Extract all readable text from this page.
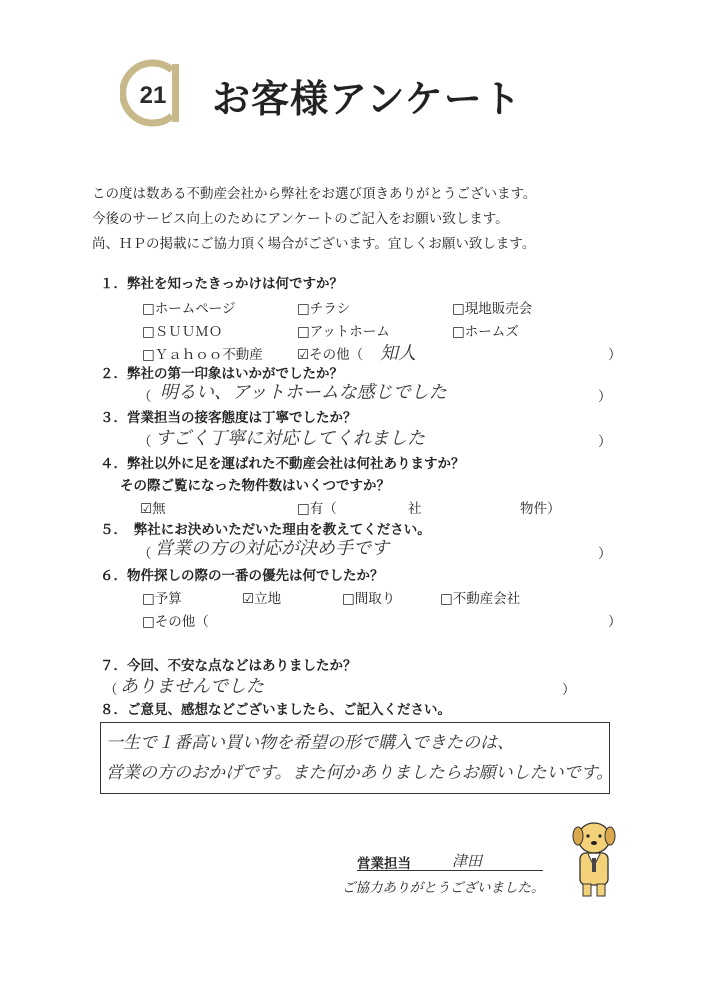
21 お客様アンケート
この度は数ある不動産会社から弊社をお選び頂きありがとうございます。
今後のサービス向上のためにアンケートのご記入をお願い致します。
尚、ＨＰの掲載にご協力頂く場合がございます。宜しくお願い致します。
１．弊社を知ったきっかけは何ですか？
□ホームページ	□チラシ	□現地販売会
□ＳＵＵＭＯ	□アットホーム	□ホームズ
□Ｙａｈｏｏ不動産	☑その他（ 知人	）
２．弊社の第一印象はいかがでしたか？
（ 明るい、アットホームな感じでした	）
３．営業担当の接客態度は丁寧でしたか？
（ すごく丁寧に対応してくれました	）
４．弊社以外に足を運ばれた不動産会社は何社ありますか？
その際ご覧になった物件数はいくつですか？
☑無	□有（	社	物件）
５．　弊社にお決めいただいた理由を教えてください。
（ 営業の方の対応が決め手です	）
６．物件探しの際の一番の優先は何でしたか？
□予算	☑立地	□間取り	□不動産会社
□その他（	）
７．今回、不安な点などはありましたか？
（ ありませんでした	）
８．ご意見、感想などございましたら、ご記入ください。
一生で１番高い買い物を希望の形で購入できたのは、
営業の方のおかげです。また何かありましたらお願いしたいです。
営業担当	津田
ご協力ありがとうございました。
